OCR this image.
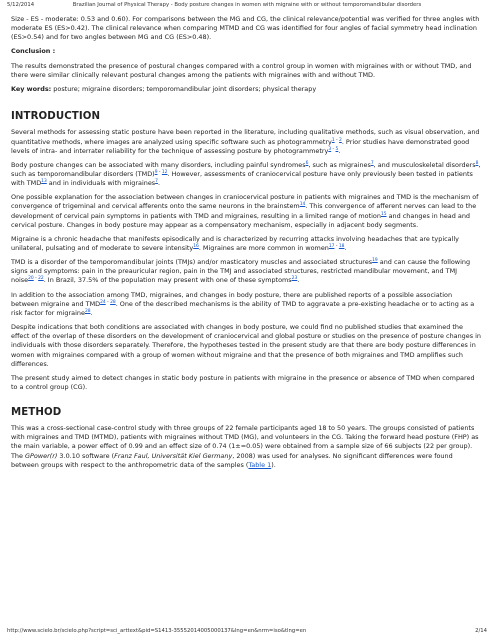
5/12/2014	Brazilian Journal of Physical Therapy - Body posture changes in women with migraine with or without temporomandibular disorders

Size - ES - moderate: 0.53 and 0.60). For comparisons between the MG and CG, the clinical relevance/potential was verified for three angles with moderate ES (ES>0.42). The clinical relevance when comparing MTMD and CG was identified for four angles of facial symmetry head inclination (ES>0.54) and for two angles between MG and CG (ES>0.48).

Conclusion :

The results demonstrated the presence of postural changes compared with a control group in women with migraines with or without TMD, and there were similar clinically relevant postural changes among the patients with migraines with and without TMD.

Key words: posture; migraine disorders; temporomandibular joint disorders; physical therapy

INTRODUCTION

Several methods for assessing static posture have been reported in the literature, including qualitative methods, such as visual observation, and quantitative methods, where images are analyzed using specific software such as photogrammetry$^{1 - 2}$. Prior studies have demonstrated good levels of intra- and interrater reliability for the technique of assessing posture by photogrammetry$^{3 - 5}$.

Body posture changes can be associated with many disorders, including painful syndromes$^6$, such as migraines$^7$, and musculoskeletal disorders$^8$, such as temporomandibular disorders (TMD)$^{9 - 12}$. However, assessments of craniocervical posture have only previously been tested in patients with TMD$^{13}$ and in individuals with migraines$^7$.

One possible explanation for the association between changes in craniocervical posture in patients with migraines and TMD is the mechanism of convergence of trigeminal and cervical afferents onto the same neurons in the brainstem$^{14}$. This convergence of afferent nerves can lead to the development of cervical pain symptoms in patients with TMD and migraines, resulting in a limited range of motion$^{15}$ and changes in head and cervical posture. Changes in body posture may appear as a compensatory mechanism, especially in adjacent body segments.

Migraine is a chronic headache that manifests episodically and is characterized by recurring attacks involving headaches that are typically unilateral, pulsating and of moderate to severe intensity$^{16}$. Migraines are more common in women$^{17 - 18}$.

TMD is a disorder of the temporomandibular joints (TMJs) and/or masticatory muscles and associated structures$^{19}$ and can cause the following signs and symptoms: pain in the preauricular region, pain in the TMJ and associated structures, restricted mandibular movement, and TMJ noise$^{20 - 22}$. In Brazil, 37.5% of the population may present with one of these symptoms$^{23}$.

In addition to the association among TMD, migraines, and changes in body posture, there are published reports of a possible association between migraine and TMD$^{24 - 28}$. One of the described mechanisms is the ability of TMD to aggravate a pre-existing headache or to acting as a risk factor for migraine$^{28}$.

Despite indications that both conditions are associated with changes in body posture, we could find no published studies that examined the effect of the overlap of these disorders on the development of craniocervical and global posture or studies on the presence of posture changes in individuals with those disorders separately. Therefore, the hypotheses tested in the present study are that there are body posture differences in women with migraines compared with a group of women without migraine and that the presence of both migraines and TMD amplifies such differences.

The present study aimed to detect changes in static body posture in patients with migraine in the presence or absence of TMD when compared to a control group (CG).

METHOD

This was a cross-sectional case-control study with three groups of 22 female participants aged 18 to 50 years. The groups consisted of patients with migraines and TMD (MTMD), patients with migraines without TMD (MG), and volunteers in the CG. Taking the forward head posture (FHP) as the main variable, a power effect of 0.99 and an effect size of 0.74 (1±=0.05) were obtained from a sample size of 66 subjects (22 per group). The GPower(r) 3.0.10 software (Franz Faul, Universität Kiel Germany, 2008) was used for analyses. No significant differences were found between groups with respect to the anthropometric data of the samples (Table 1).

http://www.scielo.br/scielo.php?script=sci_arttext&pid=S1413-35552014005000137&lng=en&nrm=iso&tlng=en	2/14
